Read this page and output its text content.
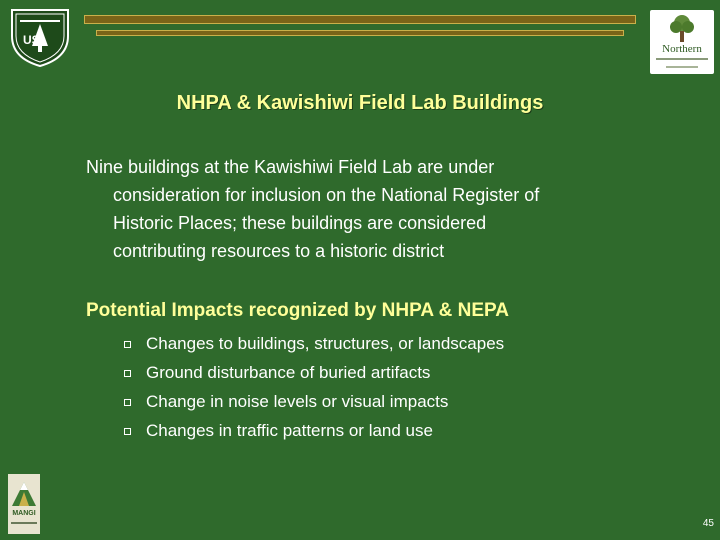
US
Northern
NHPA & Kawishiwi Field Lab Buildings

Nine buildings at the Kawishiwi Field Lab are under
consideration for inclusion on the National Register of
Historic Places; these buildings are considered
contributing resources to a historic district

Potential Impacts recognized by NHPA & NEPA
Changes to buildings, structures, or landscapes
Ground disturbance of buried artifacts
Change in noise levels or visual impacts
Changes in traffic patterns or land use
MANGI
45
